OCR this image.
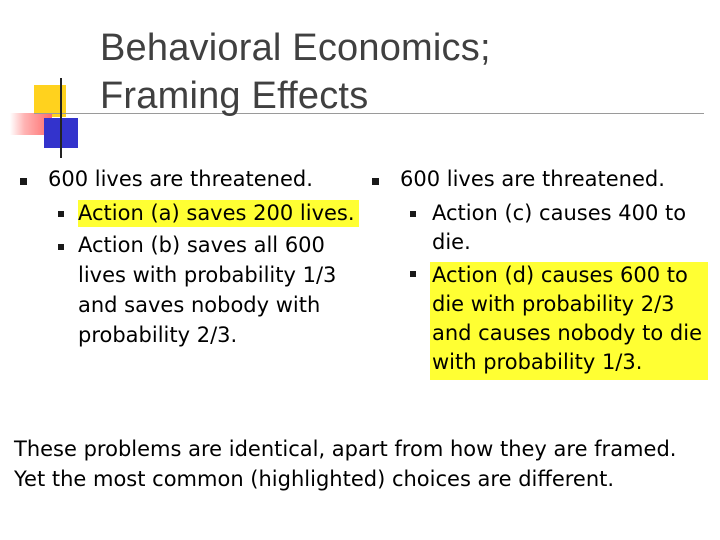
Behavioral Economics;
Framing Effects
600 lives are threatened.
Action (a) saves 200 lives.
Action (b) saves all 600
lives with probability 1/3
and saves nobody with
probability 2/3.
600 lives are threatened.
Action (c) causes 400 to
die.
Action (d) causes 600 to
die with probability 2/3
and causes nobody to die
with probability 1/3.
These problems are identical, apart from how they are framed.
Yet the most common (highlighted) choices are different.
